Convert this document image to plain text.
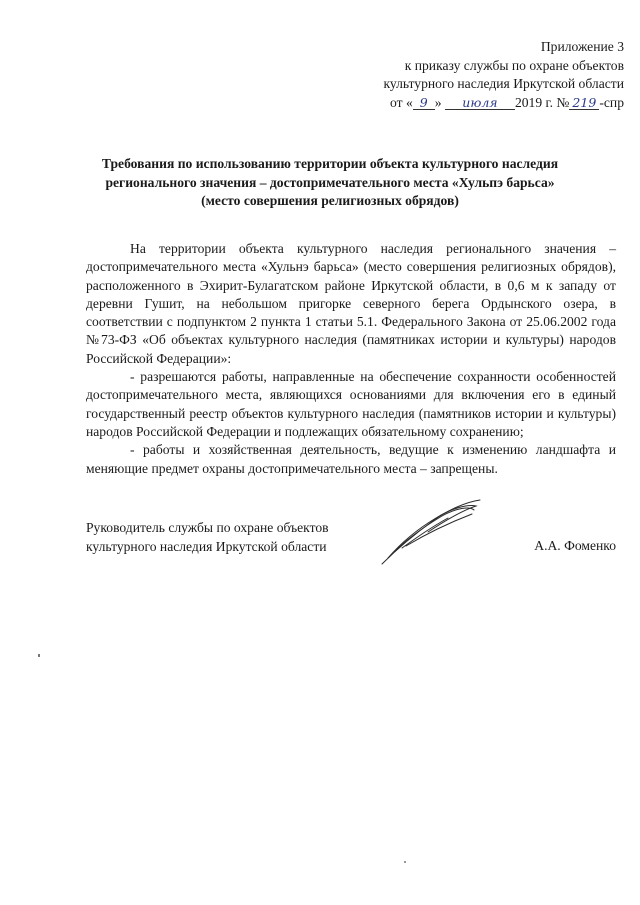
Приложение 3
к приказу службы по охране объектов
культурного наследия Иркутской области
от « 9 » июля 2019 г. № 219 -спр
Требования по использованию территории объекта культурного наследия
регионального значения – достопримечательного места «Хульпэ барьса»
(место совершения религиозных обрядов)

На территории объекта культурного наследия регионального значения – достопримечательного места «Хульнэ барьса» (место совершения религиозных обрядов), расположенного в Эхирит-Булагатском районе Иркутской области, в 0,6 м к западу от деревни Гушит, на небольшом пригорке северного берега Ордынского озера, в соответствии с подпунктом 2 пункта 1 статьи 5.1. Федерального Закона от 25.06.2002 года №73-ФЗ «Об объектах культурного наследия (памятниках истории и культуры) народов Российской Федерации»:

- разрешаются работы, направленные на обеспечение сохранности особенностей достопримечательного места, являющихся основаниями для включения его в единый государственный реестр объектов культурного наследия (памятников истории и культуры) народов Российской Федерации и подлежащих обязательному сохранению;

- работы и хозяйственная деятельность, ведущие к изменению ландшафта и меняющие предмет охраны достопримечательного места – запрещены.

Руководитель службы по охране объектов
культурного наследия Иркутской области	А.А. Фоменко
